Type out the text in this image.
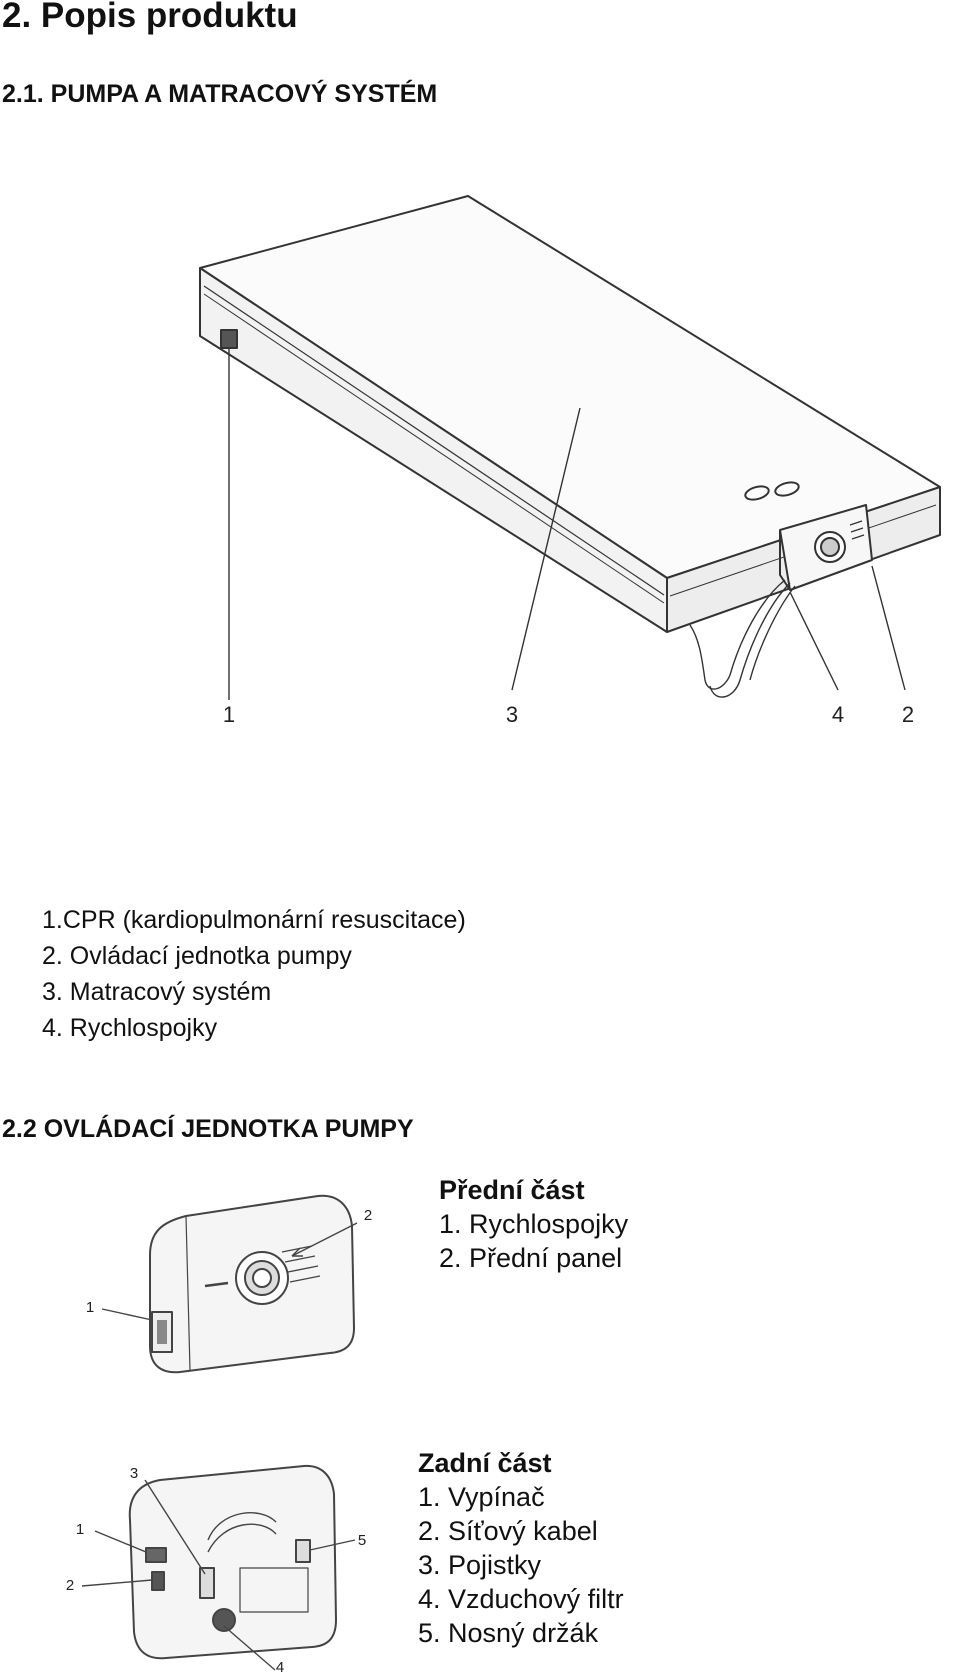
2. Popis produktu
2.1. PUMPA A MATRACOVÝ SYSTÉM
1	3	4	2
1.CPR (kardiopulmonární resuscitace)
2. Ovládací jednotka pumpy
3. Matracový systém
4. Rychlospojky
2.2 OVLÁDACÍ JEDNOTKA PUMPY
1
2
Přední část
1. Rychlospojky
2. Přední panel
1
2
3
4
5
Zadní část
1. Vypínač
2. Síťový kabel
3. Pojistky
4. Vzduchový filtr
5. Nosný držák
